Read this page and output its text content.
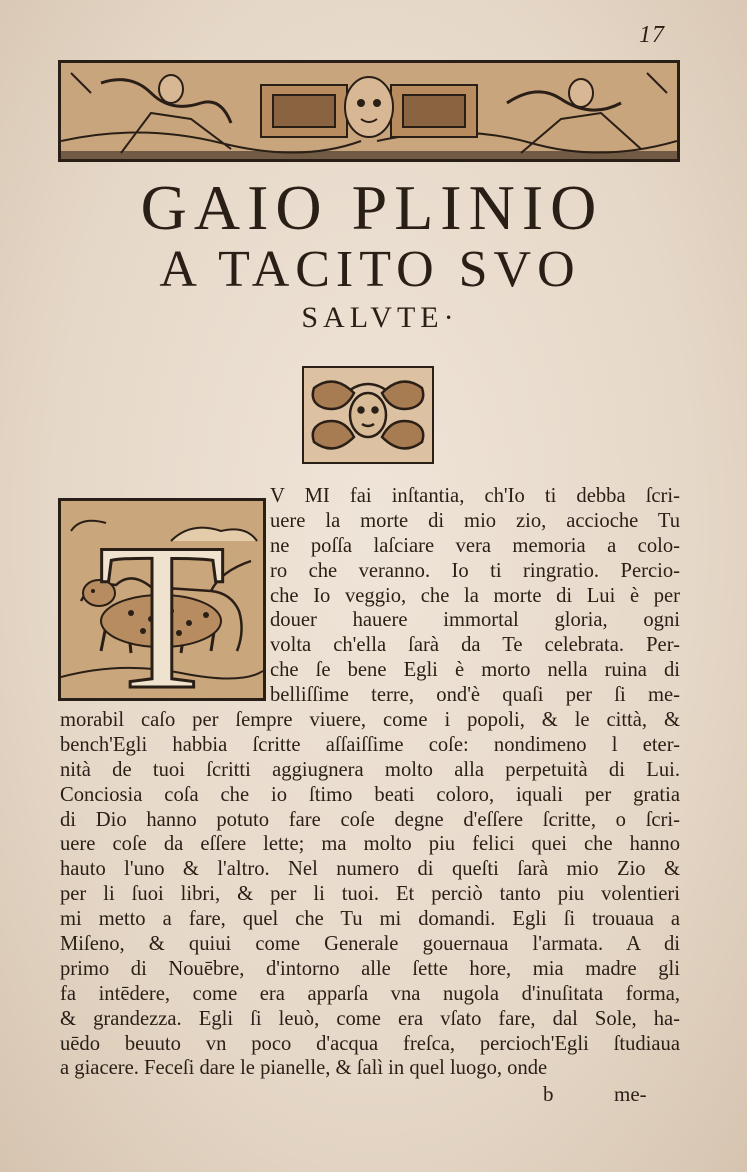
17
GAIO PLINIO
A TACITO SVO
SALVTE·
T
V MI fai inſtantia, ch'Io ti debba ſcri-
uere la morte di mio zio, accioche Tu
ne poſſa laſciare vera memoria a colo-
ro che veranno. Io ti ringratio. Percio-
che Io veggio, che la morte di Lui è per
douer hauere immortal gloria, ogni
volta ch'ella ſarà da Te celebrata. Per-
che ſe bene Egli è morto nella ruina di
belliſſime terre, ond'è quaſi per ſi me-
morabil caſo per ſempre viuere, come i popoli, & le città, &
bench'Egli habbia ſcritte aſſaiſſime coſe: nondimeno l eter-
nità de tuoi ſcritti aggiugnera molto alla perpetuità di Lui.
Conciosia coſa che io ſtimo beati coloro, iquali per gratia
di Dio hanno potuto fare coſe degne d'eſſere ſcritte, o ſcri-
uere coſe da eſſere lette; ma molto piu felici quei che hanno
hauto l'uno & l'altro. Nel numero di queſti ſarà mio Zio &
per li ſuoi libri, & per li tuoi. Et perciò tanto piu volentieri
mi metto a fare, quel che Tu mi domandi. Egli ſi trouaua a
Miſeno, & quiui come Generale gouernaua l'armata. A di
primo di Nouēbre, d'intorno alle ſette hore, mia madre gli
fa intēdere, come era apparſa vna nugola d'inuſitata forma,
& grandezza. Egli ſi leuò, come era vſato fare, dal Sole, ha-
uēdo beuuto vn poco d'acqua freſca, percioch'Egli ſtudiaua
a giacere. Feceſi dare le pianelle, & ſalì in quel luogo, onde
b	me-
